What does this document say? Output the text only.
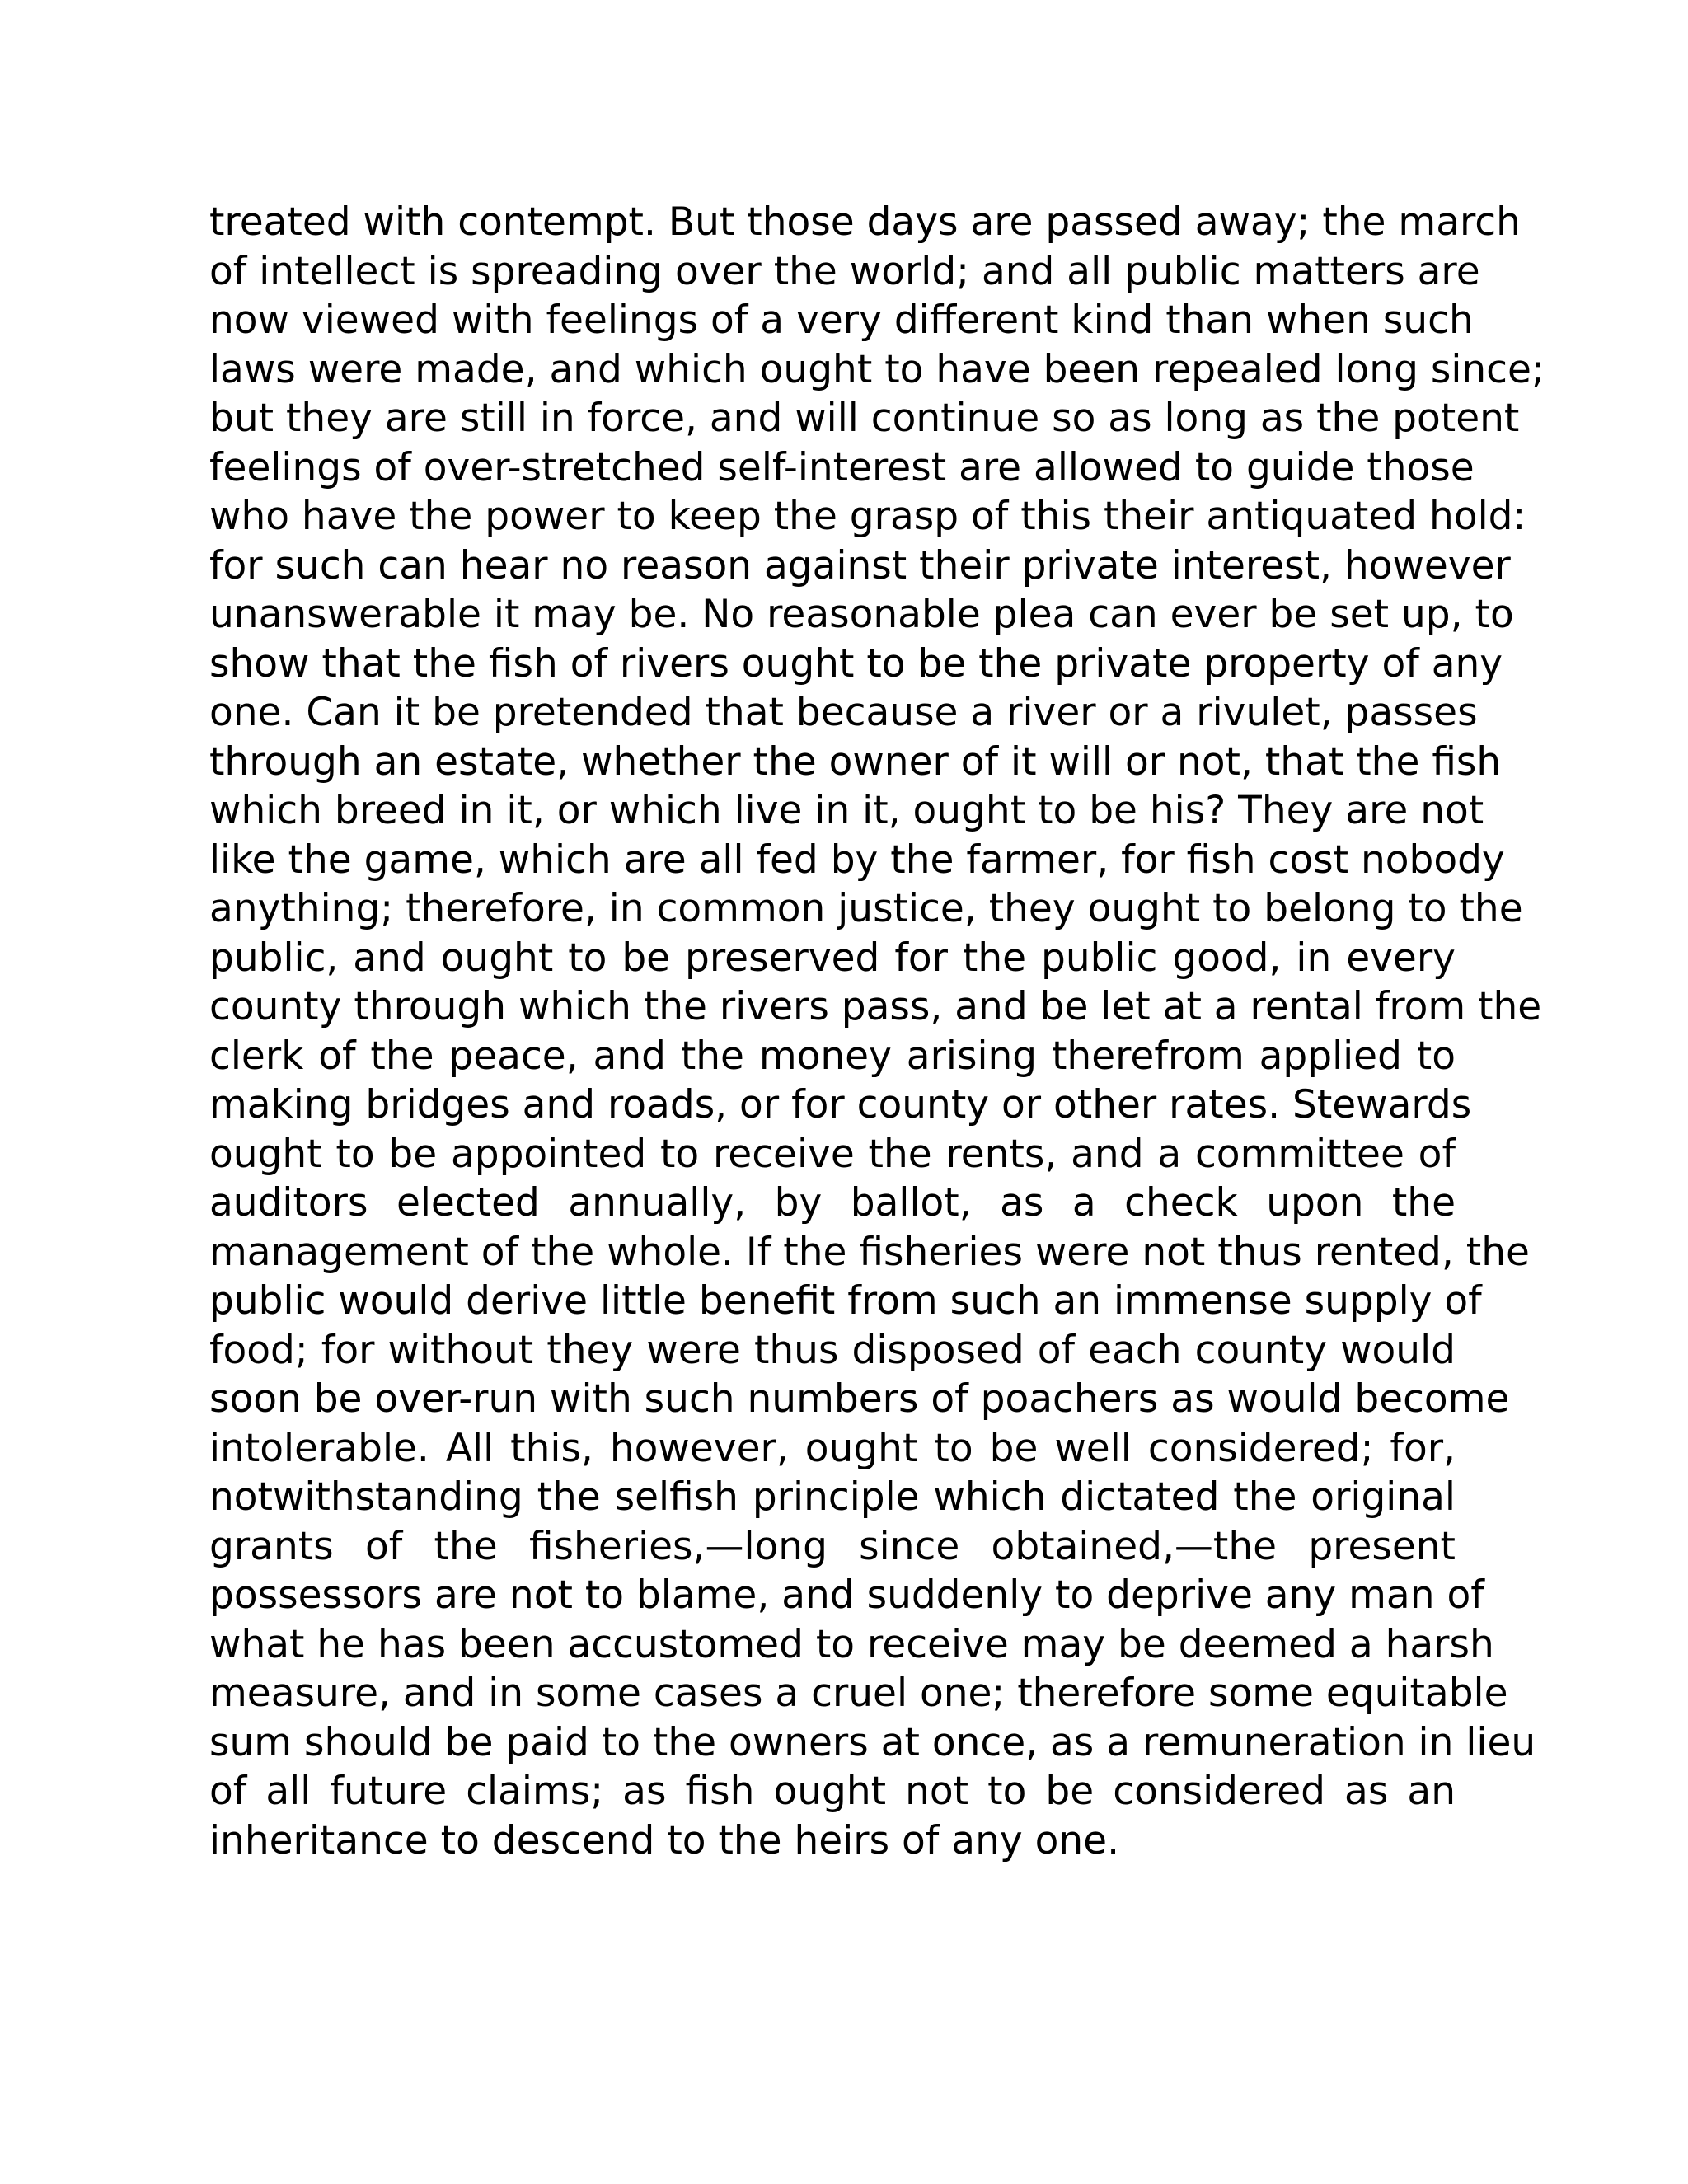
treated with contempt. But those days are passed away; the march
of intellect is spreading over the world; and all public matters are
now viewed with feelings of a very different kind than when such
laws were made, and which ought to have been repealed long since;
but they are still in force, and will continue so as long as the potent
feelings of over-stretched self-interest are allowed to guide those
who have the power to keep the grasp of this their antiquated hold:
for such can hear no reason against their private interest, however
unanswerable it may be. No reasonable plea can ever be set up, to
show that the fish of rivers ought to be the private property of any
one. Can it be pretended that because a river or a rivulet, passes
through an estate, whether the owner of it will or not, that the fish
which breed in it, or which live in it, ought to be his? They are not
like the game, which are all fed by the farmer, for fish cost nobody
anything; therefore, in common justice, they ought to belong to the
public, and ought to be preserved for the public good, in every
county through which the rivers pass, and be let at a rental from the
clerk of the peace, and the money arising therefrom applied to
making bridges and roads, or for county or other rates. Stewards
ought to be appointed to receive the rents, and a committee of
auditors elected annually, by ballot, as a check upon the
management of the whole. If the fisheries were not thus rented, the
public would derive little benefit from such an immense supply of
food; for without they were thus disposed of each county would
soon be over-run with such numbers of poachers as would become
intolerable. All this, however, ought to be well considered; for,
notwithstanding the selfish principle which dictated the original
grants of the fisheries,—long since obtained,—the present
possessors are not to blame, and suddenly to deprive any man of
what he has been accustomed to receive may be deemed a harsh
measure, and in some cases a cruel one; therefore some equitable
sum should be paid to the owners at once, as a remuneration in lieu
of all future claims; as fish ought not to be considered as an
inheritance to descend to the heirs of any one.
